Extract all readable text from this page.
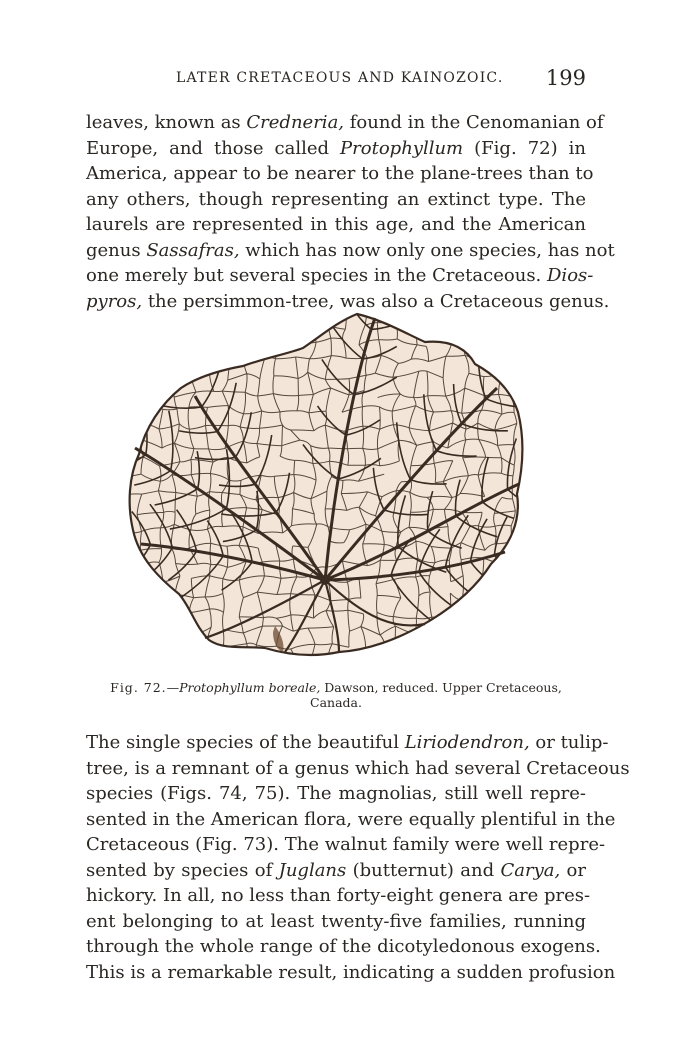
LATER CRETACEOUS AND KAINOZOIC. 199
leaves, known as Credneria, found in the Cenomanian of
Europe, and those called Protophyllum (Fig. 72) in
America, appear to be nearer to the plane-trees than to
any others, though representing an extinct type. The
laurels are represented in this age, and the American
genus Sassafras, which has now only one species, has not
one merely but several species in the Cretaceous. Dios-
pyros, the persimmon-tree, was also a Cretaceous genus.
Fig. 72.—Protophyllum boreale, Dawson, reduced. Upper Cretaceous,
Canada.
The single species of the beautiful Liriodendron, or tulip-
tree, is a remnant of a genus which had several Cretaceous
species (Figs. 74, 75). The magnolias, still well repre-
sented in the American flora, were equally plentiful in the
Cretaceous (Fig. 73). The walnut family were well repre-
sented by species of Juglans (butternut) and Carya, or
hickory. In all, no less than forty-eight genera are pres-
ent belonging to at least twenty-five families, running
through the whole range of the dicotyledonous exogens.
This is a remarkable result, indicating a sudden profusion
